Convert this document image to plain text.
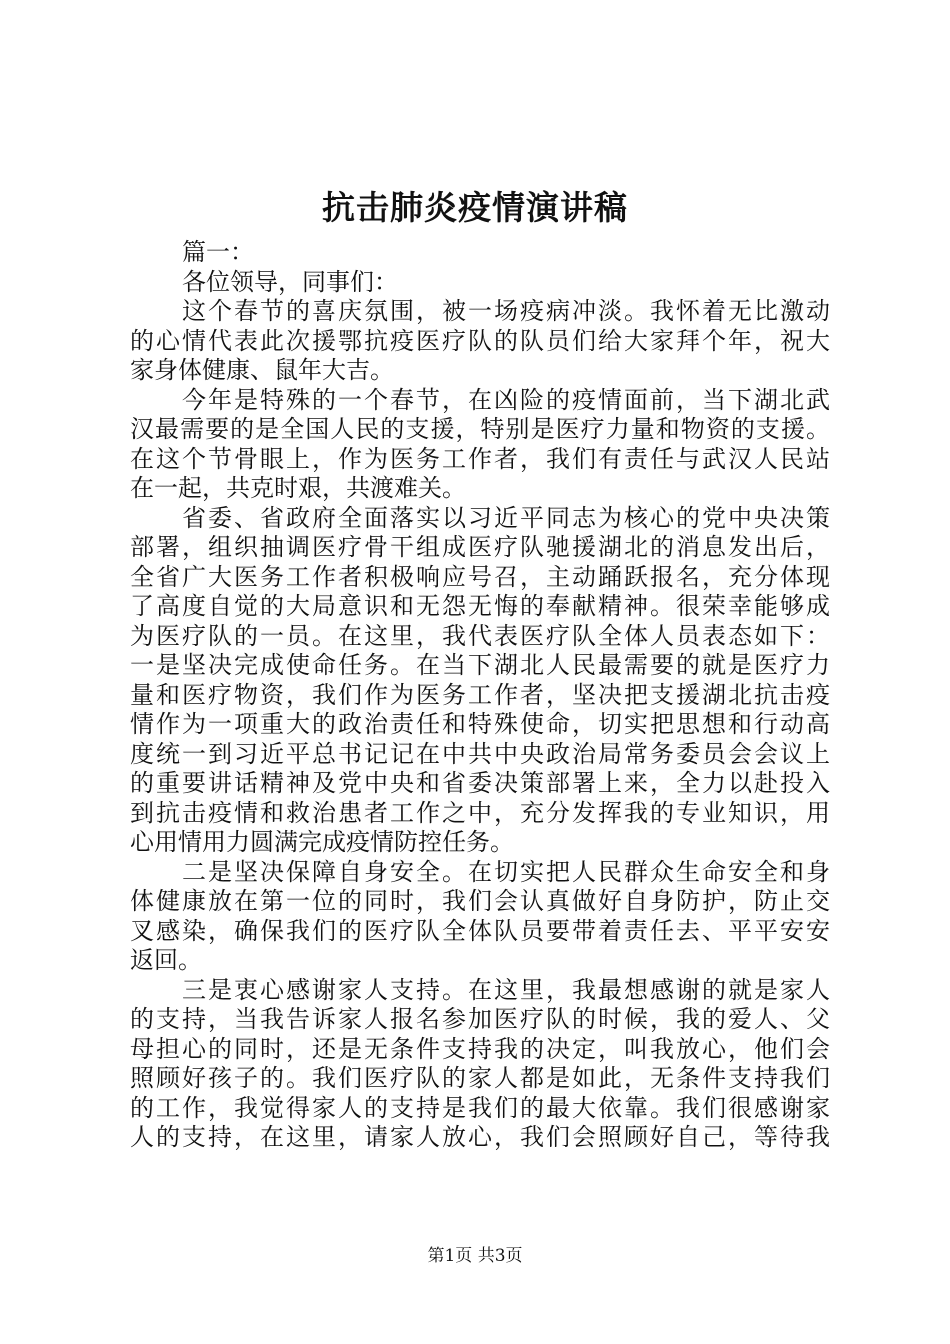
抗击肺炎疫情演讲稿
篇一：
各位领导，同事们：
这个春节的喜庆氛围，被一场疫病冲淡。我怀着无比激动
的心情代表此次援鄂抗疫医疗队的队员们给大家拜个年，祝大
家身体健康、鼠年大吉。
今年是特殊的一个春节，在凶险的疫情面前，当下湖北武
汉最需要的是全国人民的支援，特别是医疗力量和物资的支援。
在这个节骨眼上，作为医务工作者，我们有责任与武汉人民站
在一起，共克时艰，共渡难关。
省委、省政府全面落实以习近平同志为核心的党中央决策
部署，组织抽调医疗骨干组成医疗队驰援湖北的消息发出后，
全省广大医务工作者积极响应号召，主动踊跃报名，充分体现
了高度自觉的大局意识和无怨无悔的奉献精神。很荣幸能够成
为医疗队的一员。在这里，我代表医疗队全体人员表态如下：
一是坚决完成使命任务。在当下湖北人民最需要的就是医疗力
量和医疗物资，我们作为医务工作者，坚决把支援湖北抗击疫
情作为一项重大的政治责任和特殊使命，切实把思想和行动高
度统一到习近平总书记记在中共中央政治局常务委员会会议上
的重要讲话精神及党中央和省委决策部署上来，全力以赴投入
到抗击疫情和救治患者工作之中，充分发挥我的专业知识，用
心用情用力圆满完成疫情防控任务。
二是坚决保障自身安全。在切实把人民群众生命安全和身
体健康放在第一位的同时，我们会认真做好自身防护，防止交
叉感染，确保我们的医疗队全体队员要带着责任去、平平安安
返回。
三是衷心感谢家人支持。在这里，我最想感谢的就是家人
的支持，当我告诉家人报名参加医疗队的时候，我的爱人、父
母担心的同时，还是无条件支持我的决定，叫我放心，他们会
照顾好孩子的。我们医疗队的家人都是如此，无条件支持我们
的工作，我觉得家人的支持是我们的最大依靠。我们很感谢家
人的支持，在这里，请家人放心，我们会照顾好自己，等待我
第1页 共3页
